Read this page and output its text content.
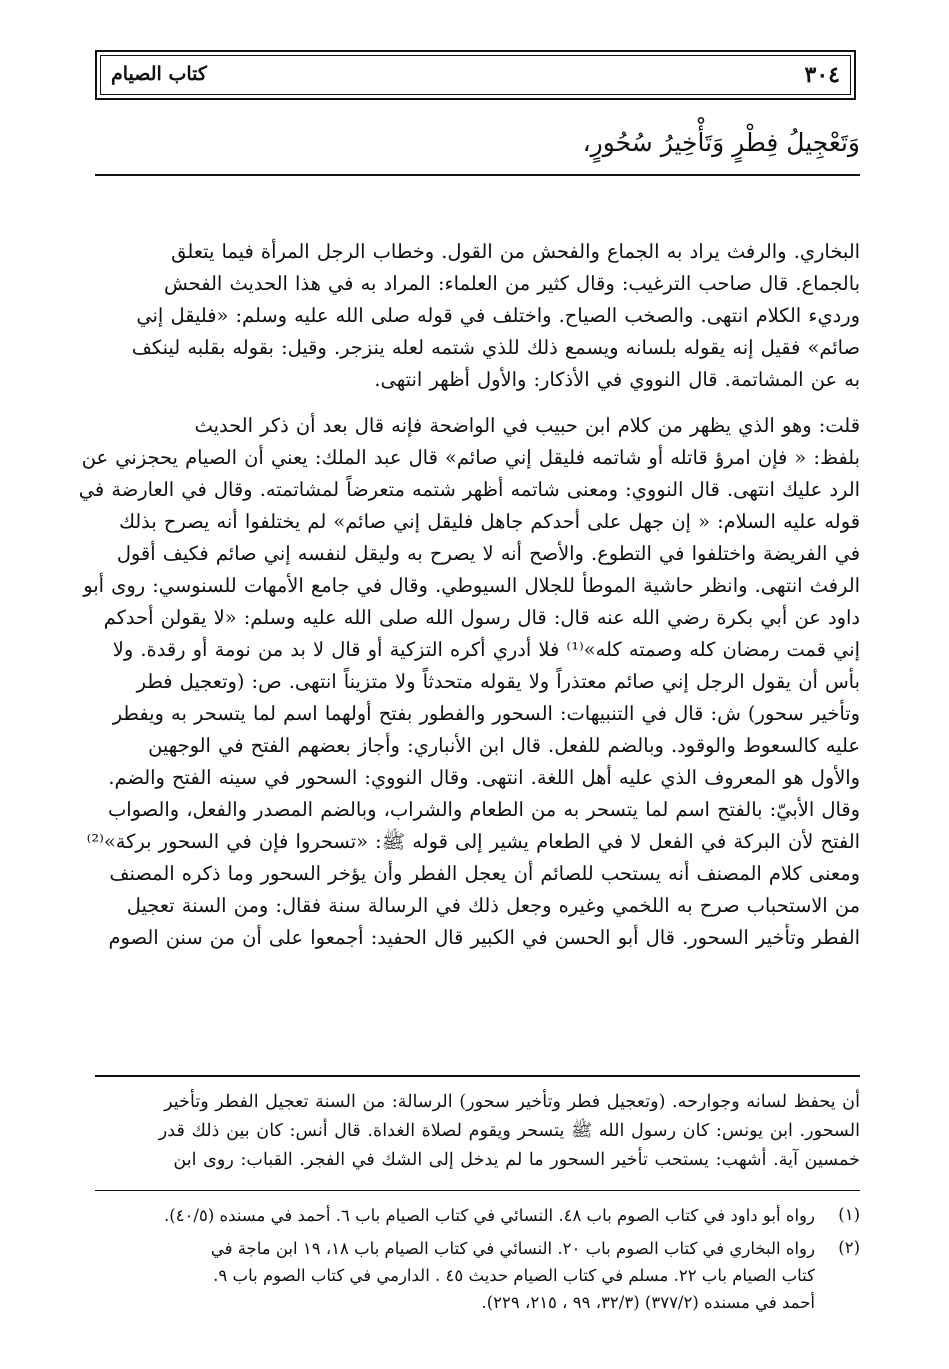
٣٠٤
كتاب الصيام
وَتَعْجِيلُ فِطْرٍ وَتَأْخِيرُ سُحُورٍ،
البخاري. والرفث يراد به الجماع والفحش من القول. وخطاب الرجل المرأة فيما يتعلق
بالجماع. قال صاحب الترغيب: وقال كثير من العلماء: المراد به في هذا الحديث الفحش
ورديء الكلام انتهى. والصخب الصياح. واختلف في قوله صلى الله عليه وسلم: «فليقل إني
صائم» فقيل إنه يقوله بلسانه ويسمع ذلك للذي شتمه لعله ينزجر. وقيل: بقوله بقلبه لينكف
به عن المشاتمة. قال النووي في الأذكار: والأول أظهر انتهى.
قلت: وهو الذي يظهر من كلام ابن حبيب في الواضحة فإنه قال بعد أن ذكر الحديث
بلفظ: « فإن امرؤ قاتله أو شاتمه فليقل إني صائم» قال عبد الملك: يعني أن الصيام يحجزني عن
الرد عليك انتهى. قال النووي: ومعنى شاتمه أظهر شتمه متعرضاً لمشاتمته. وقال في العارضة في
قوله عليه السلام: « إن جهل على أحدكم جاهل فليقل إني صائم» لم يختلفوا أنه يصرح بذلك
في الفريضة واختلفوا في التطوع. والأصح أنه لا يصرح به وليقل لنفسه إني صائم فكيف أقول
الرفث انتهى. وانظر حاشية الموطأ للجلال السيوطي. وقال في جامع الأمهات للسنوسي: روى أبو
داود عن أبي بكرة رضي الله عنه قال: قال رسول الله صلى الله عليه وسلم: «لا يقولن أحدكم
إني قمت رمضان كله وصمته كله»⁽¹⁾ فلا أدري أكره التزكية أو قال لا بد من نومة أو رقدة. ولا
بأس أن يقول الرجل إني صائم معتذراً ولا يقوله متحدثاً ولا متزيناً انتهى. ص: (وتعجيل فطر
وتأخير سحور) ش: قال في التنبيهات: السحور والفطور بفتح أولهما اسم لما يتسحر به ويفطر
عليه كالسعوط والوقود. وبالضم للفعل. قال ابن الأنباري: وأجاز بعضهم الفتح في الوجهين
والأول هو المعروف الذي عليه أهل اللغة. انتهى. وقال النووي: السحور في سينه الفتح والضم.
وقال الأبيّ: بالفتح اسم لما يتسحر به من الطعام والشراب، وبالضم المصدر والفعل، والصواب
الفتح لأن البركة في الفعل لا في الطعام يشير إلى قوله ﷺ: «تسحروا فإن في السحور بركة»⁽²⁾
ومعنى كلام المصنف أنه يستحب للصائم أن يعجل الفطر وأن يؤخر السحور وما ذكره المصنف
من الاستحباب صرح به اللخمي وغيره وجعل ذلك في الرسالة سنة فقال: ومن السنة تعجيل
الفطر وتأخير السحور. قال أبو الحسن في الكبير قال الحفيد: أجمعوا على أن من سنن الصوم
أن يحفظ لسانه وجوارحه. (وتعجيل فطر وتأخير سحور) الرسالة: من السنة تعجيل الفطر وتأخير
السحور. ابن يونس: كان رسول الله ﷺ يتسحر ويقوم لصلاة الغداة. قال أنس: كان بين ذلك قدر
خمسين آية. أشهب: يستحب تأخير السحور ما لم يدخل إلى الشك في الفجر. القباب: روى ابن
(١)
رواه أبو داود في كتاب الصوم باب ٤٨. النسائي في كتاب الصيام باب ٦. أحمد في مسنده (٤٠/٥).
(٢)
رواه البخاري في كتاب الصوم باب ٢٠. النسائي في كتاب الصيام باب ١٨، ١٩ ابن ماجة في
كتاب الصيام باب ٢٢. مسلم في كتاب الصيام حديث ٤٥ . الدارمي في كتاب الصوم باب ٩.
أحمد في مسنده (٣٧٧/٢) (٣٢/٣، ٩٩ ، ٢١٥، ٢٢٩).
